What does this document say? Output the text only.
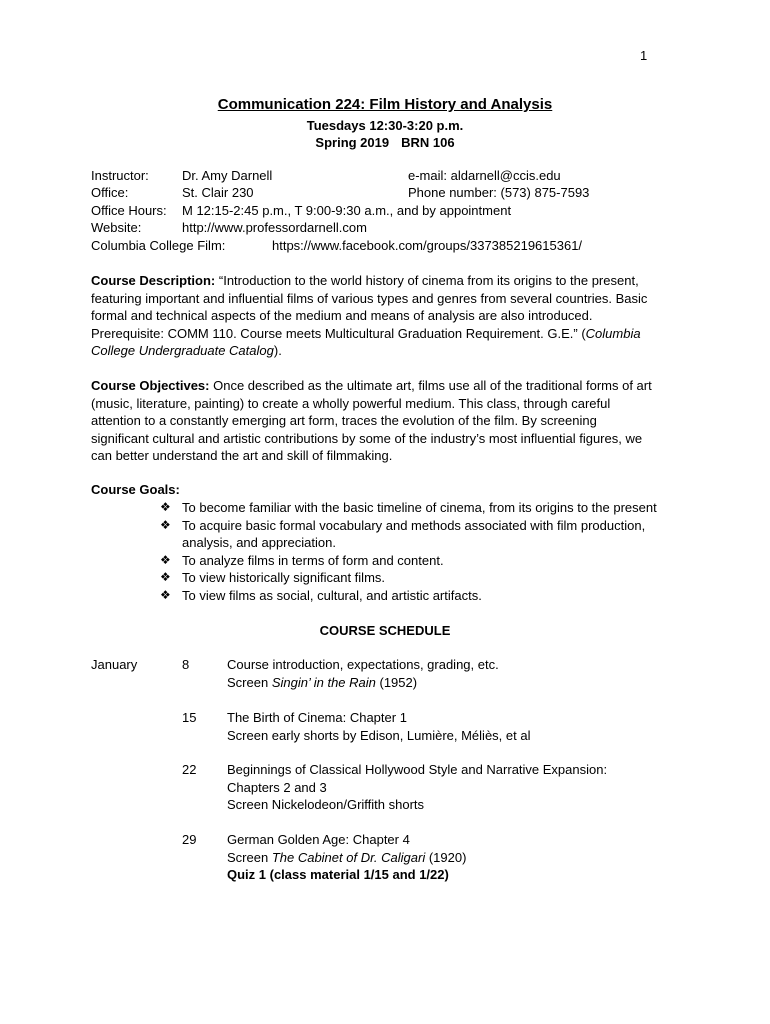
1
Communication 224: Film History and Analysis
Tuesdays 12:30-3:20 p.m.
Spring 2019 BRN 106
Instructor:	Dr. Amy Darnell	e-mail: aldarnell@ccis.edu
Office:	St. Clair 230	Phone number: (573) 875-7593
Office Hours: M 12:15-2:45 p.m., T 9:00-9:30 a.m., and by appointment
Website:	http://www.professordarnell.com
Columbia College Film:	https://www.facebook.com/groups/337385219615361/
Course Description: “Introduction to the world history of cinema from its origins to the present,
featuring important and influential films of various types and genres from several countries. Basic
formal and technical aspects of the medium and means of analysis are also introduced.
Prerequisite: COMM 110. Course meets Multicultural Graduation Requirement. G.E.” (Columbia
College Undergraduate Catalog).
Course Objectives: Once described as the ultimate art, films use all of the traditional forms of art
(music, literature, painting) to create a wholly powerful medium. This class, through careful
attention to a constantly emerging art form, traces the evolution of the film. By screening
significant cultural and artistic contributions by some of the industry’s most influential figures, we
can better understand the art and skill of filmmaking.
Course Goals:
❖ To become familiar with the basic timeline of cinema, from its origins to the present
❖ To acquire basic formal vocabulary and methods associated with film production,
analysis, and appreciation.
❖ To analyze films in terms of form and content.
❖ To view historically significant films.
❖ To view films as social, cultural, and artistic artifacts.
COURSE SCHEDULE
January	8	Course introduction, expectations, grading, etc.
Screen Singin’ in the Rain (1952)
15 The Birth of Cinema: Chapter 1
Screen early shorts by Edison, Lumière, Méliès, et al
22 Beginnings of Classical Hollywood Style and Narrative Expansion:
Chapters 2 and 3
Screen Nickelodeon/Griffith shorts
29 German Golden Age: Chapter 4
Screen The Cabinet of Dr. Caligari (1920)
Quiz 1 (class material 1/15 and 1/22)
